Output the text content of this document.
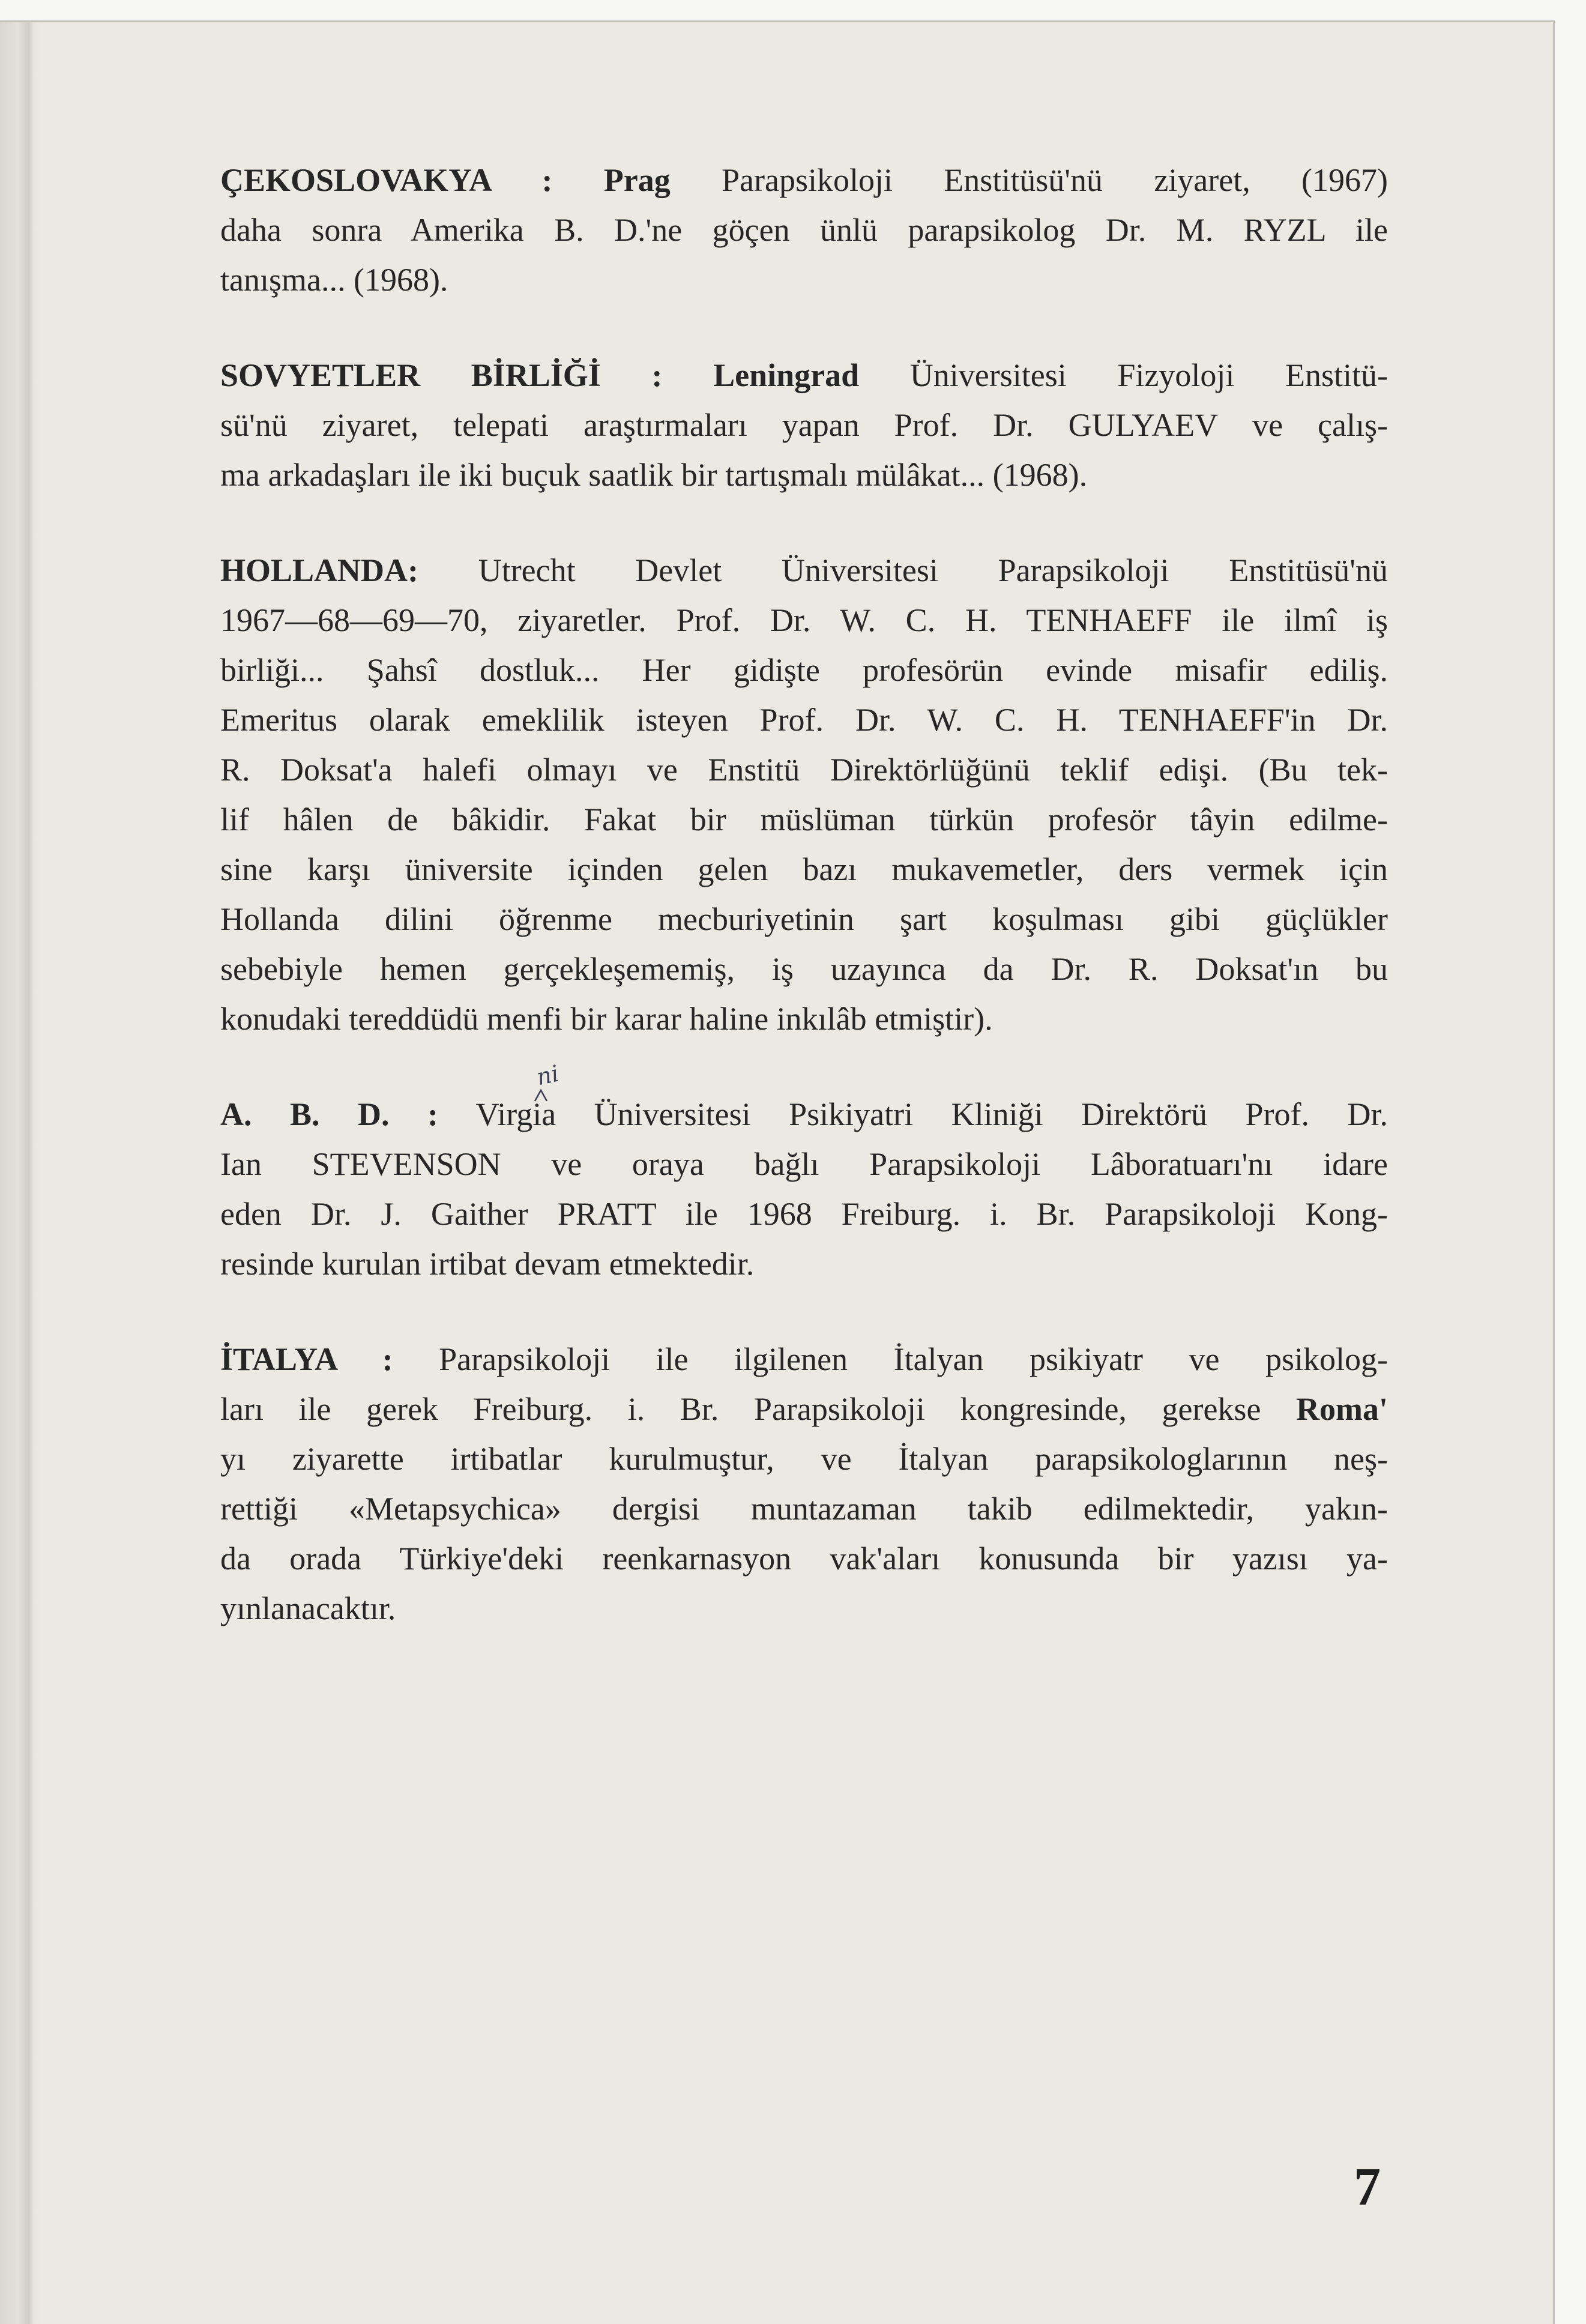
ÇEKOSLOVAKYA : Prag Parapsikoloji Enstitüsü'nü ziyaret, (1967)
daha sonra Amerika B. D.'ne göçen ünlü parapsikolog Dr. M. RYZL ile
tanışma... (1968).
SOVYETLER BİRLİĞİ : Leningrad Üniversitesi Fizyoloji Enstitü-
sü'nü ziyaret, telepati araştırmaları yapan Prof. Dr. GULYAEV ve çalış-
ma arkadaşları ile iki buçuk saatlik bir tartışmalı mülâkat... (1968).
HOLLANDA: Utrecht Devlet Üniversitesi Parapsikoloji Enstitüsü'nü
1967—68—69—70, ziyaretler. Prof. Dr. W. C. H. TENHAEFF ile ilmî iş
birliği... Şahsî dostluk... Her gidişte profesörün evinde misafir ediliş.
Emeritus olarak emeklilik isteyen Prof. Dr. W. C. H. TENHAEFF'in Dr.
R. Doksat'a halefi olmayı ve Enstitü Direktörlüğünü teklif edişi. (Bu tek-
lif hâlen de bâkidir. Fakat bir müslüman türkün profesör tâyin edilme-
sine karşı üniversite içinden gelen bazı mukavemetler, ders vermek için
Hollanda dilini öğrenme mecburiyetinin şart koşulması gibi güçlükler
sebebiyle hemen gerçekleşememiş, iş uzayınca da Dr. R. Doksat'ın bu
konudaki tereddüdü menfi bir karar haline inkılâb etmiştir).
A. B. D. : Virgi
ni
a Üniversitesi Psikiyatri Kliniği Direktörü Prof. Dr.
Ian STEVENSON ve oraya bağlı Parapsikoloji Lâboratuarı'nı idare
eden Dr. J. Gaither PRATT ile 1968 Freiburg. i. Br. Parapsikoloji Kong-
resinde kurulan irtibat devam etmektedir.
İTALYA : Parapsikoloji ile ilgilenen İtalyan psikiyatr ve psikolog-
ları ile gerek Freiburg. i. Br. Parapsikoloji kongresinde, gerekse Roma'
yı ziyarette irtibatlar kurulmuştur, ve İtalyan parapsikologlarının neş-
rettiği «Metapsychica» dergisi muntazaman takib edilmektedir, yakın-
da orada Türkiye'deki reenkarnasyon vak'aları konusunda bir yazısı ya-
yınlanacaktır.
7
